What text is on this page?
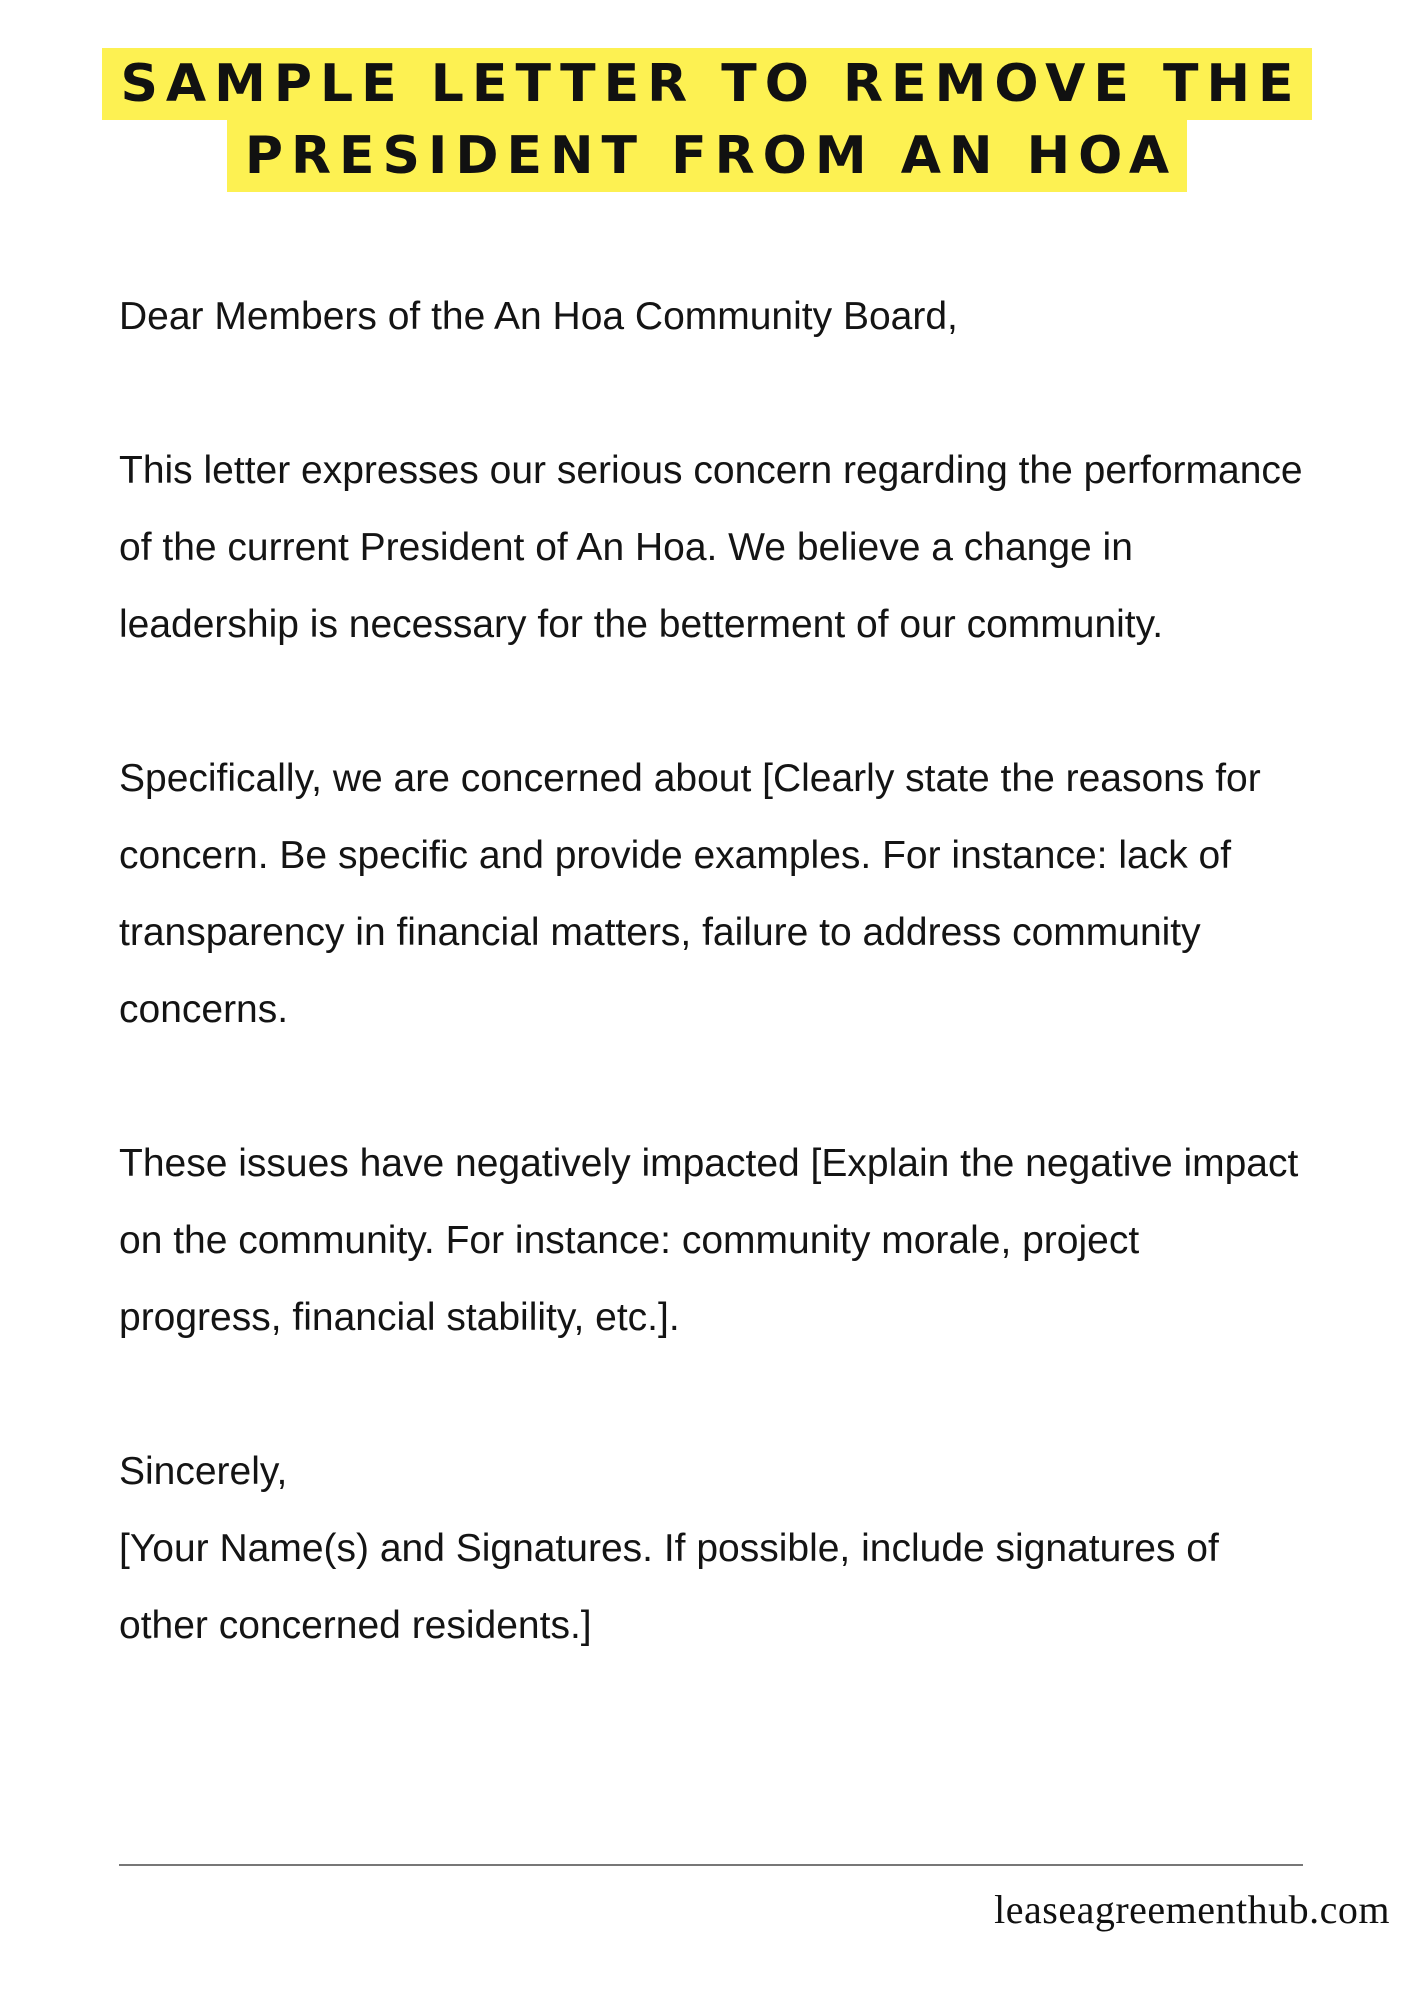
SAMPLE LETTER TO REMOVE THE
PRESIDENT FROM AN HOA

Dear Members of the An Hoa Community Board,

This letter expresses our serious concern regarding the performance of the current President of An Hoa. We believe a change in leadership is necessary for the betterment of our community.

Specifically, we are concerned about [Clearly state the reasons for concern. Be specific and provide examples. For instance: lack of transparency in financial matters, failure to address community concerns.

These issues have negatively impacted [Explain the negative impact on the community. For instance: community morale, project progress, financial stability, etc.].

Sincerely,

[Your Name(s) and Signatures. If possible, include signatures of other concerned residents.]

leaseagreementhub.com
